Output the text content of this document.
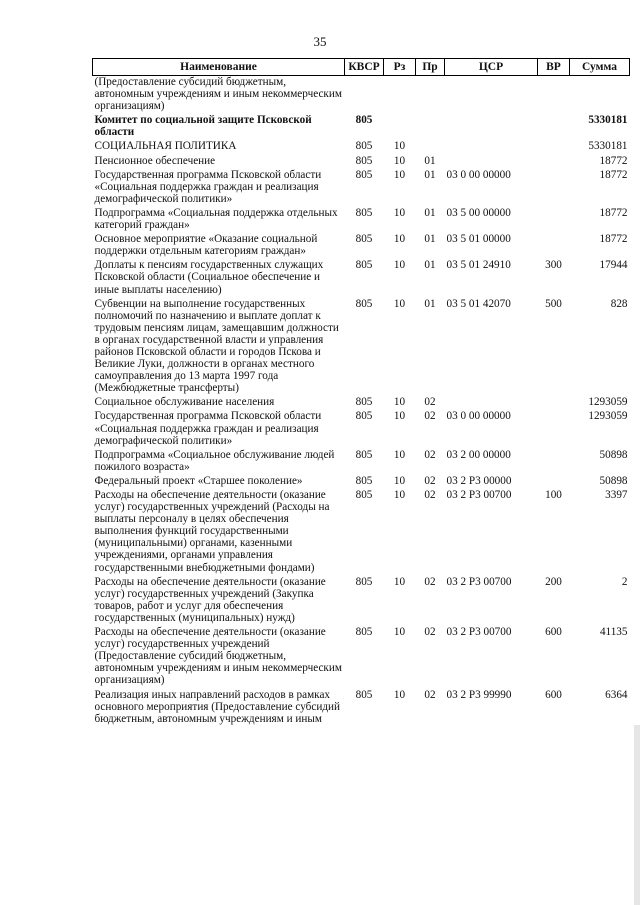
35
Наименование	КВСР	Рз	Пр	ЦСР	ВР	Сумма
(Предоставление субсидий бюджетным, автономным учреждениям и иным некоммерческим организациям)						
Комитет по социальной защите Псковской области	805					5330181
СОЦИАЛЬНАЯ ПОЛИТИКА	805	10				5330181
Пенсионное обеспечение	805	10	01			18772
Государственная программа Псковской области «Социальная поддержка граждан и реализация демографической политики»	805	10	01	03 0 00 00000		18772
Подпрограмма «Социальная поддержка отдельных категорий граждан»	805	10	01	03 5 00 00000		18772
Основное мероприятие «Оказание социальной поддержки отдельным категориям граждан»	805	10	01	03 5 01 00000		18772
Доплаты к пенсиям государственных служащих Псковской области (Социальное обеспечение и иные выплаты населению)	805	10	01	03 5 01 24910	300	17944
Субвенции на выполнение государственных полномочий по назначению и выплате доплат к трудовым пенсиям лицам, замещавшим должности в органах государственной власти и управления районов Псковской области и городов Пскова и Великие Луки, должности в органах местного самоуправления до 13 марта 1997 года (Межбюджетные трансферты)	805	10	01	03 5 01 42070	500	828
Социальное обслуживание населения	805	10	02			1293059
Государственная программа Псковской области «Социальная поддержка граждан и реализация демографической политики»	805	10	02	03 0 00 00000		1293059
Подпрограмма «Социальное обслуживание людей пожилого возраста»	805	10	02	03 2 00 00000		50898
Федеральный проект «Старшее поколение»	805	10	02	03 2 Р3 00000		50898
Расходы на обеспечение деятельности (оказание услуг) государственных учреждений (Расходы на выплаты персоналу в целях обеспечения выполнения функций государственными (муниципальными) органами, казенными учреждениями, органами управления государственными внебюджетными фондами)	805	10	02	03 2 Р3 00700	100	3397
Расходы на обеспечение деятельности (оказание услуг) государственных учреждений (Закупка товаров, работ и услуг для обеспечения государственных (муниципальных) нужд)	805	10	02	03 2 Р3 00700	200	2
Расходы на обеспечение деятельности (оказание услуг) государственных учреждений (Предоставление субсидий бюджетным, автономным учреждениям и иным некоммерческим организациям)	805	10	02	03 2 Р3 00700	600	41135
Реализация иных направлений расходов в рамках основного мероприятия (Предоставление субсидий бюджетным, автономным учреждениям и иным	805	10	02	03 2 Р3 99990	600	6364
